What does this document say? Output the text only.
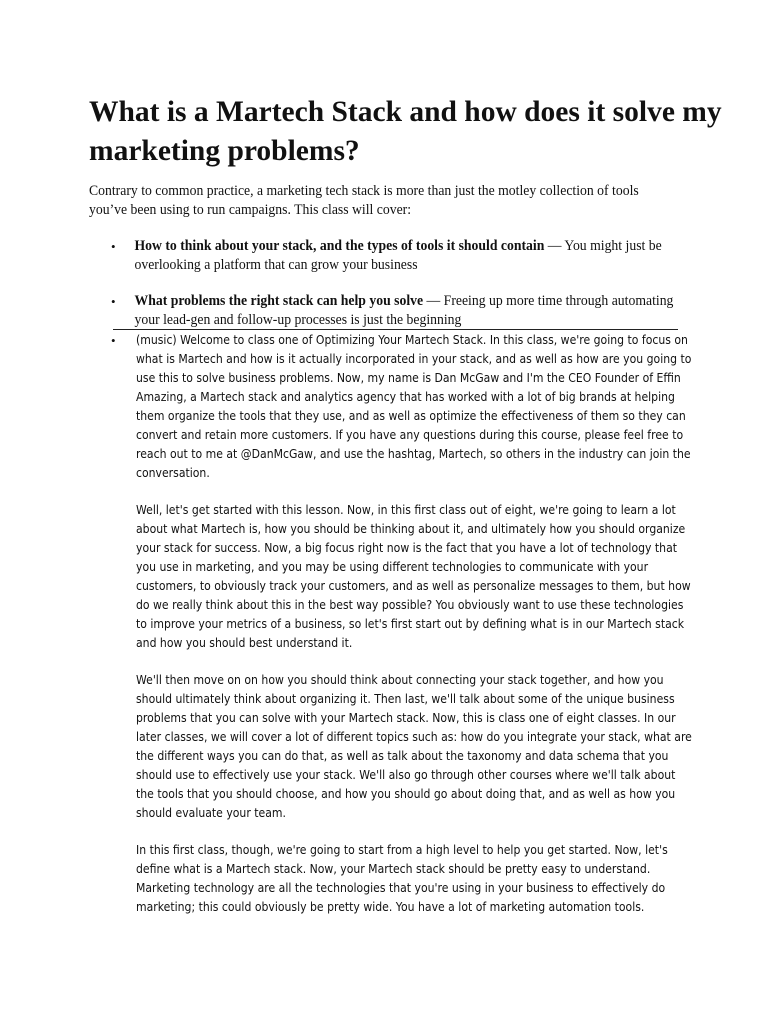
What is a Martech Stack and how does it solve my marketing problems?

Contrary to common practice, a marketing tech stack is more than just the motley collection of tools you’ve been using to run campaigns. This class will cover:

•	How to think about your stack, and the types of tools it should contain — You might just be overlooking a platform that can grow your business
•	What problems the right stack can help you solve — Freeing up more time through automating your lead-gen and follow-up processes is just the beginning
• (music) Welcome to class one of Optimizing Your Martech Stack. In this class, we're going to focus on what is Martech and how is it actually incorporated in your stack, and as well as how are you going to use this to solve business problems. Now, my name is Dan McGaw and I'm the CEO Founder of Effin Amazing, a Martech stack and analytics agency that has worked with a lot of big brands at helping them organize the tools that they use, and as well as optimize the effectiveness of them so they can convert and retain more customers. If you have any questions during this course, please feel free to reach out to me at @DanMcGaw, and use the hashtag, Martech, so others in the industry can join the conversation.

Well, let's get started with this lesson. Now, in this first class out of eight, we're going to learn a lot about what Martech is, how you should be thinking about it, and ultimately how you should organize your stack for success. Now, a big focus right now is the fact that you have a lot of technology that you use in marketing, and you may be using different technologies to communicate with your customers, to obviously track your customers, and as well as personalize messages to them, but how do we really think about this in the best way possible? You obviously want to use these technologies to improve your metrics of a business, so let's first start out by defining what is in our Martech stack and how you should best understand it.

We'll then move on on how you should think about connecting your stack together, and how you should ultimately think about organizing it. Then last, we'll talk about some of the unique business problems that you can solve with your Martech stack. Now, this is class one of eight classes. In our later classes, we will cover a lot of different topics such as: how do you integrate your stack, what are the different ways you can do that, as well as talk about the taxonomy and data schema that you should use to effectively use your stack. We'll also go through other courses where we'll talk about the tools that you should choose, and how you should go about doing that, and as well as how you should evaluate your team.

In this first class, though, we're going to start from a high level to help you get started. Now, let's define what is a Martech stack. Now, your Martech stack should be pretty easy to understand. Marketing technology are all the technologies that you're using in your business to effectively do marketing; this could obviously be pretty wide. You have a lot of marketing automation tools.
